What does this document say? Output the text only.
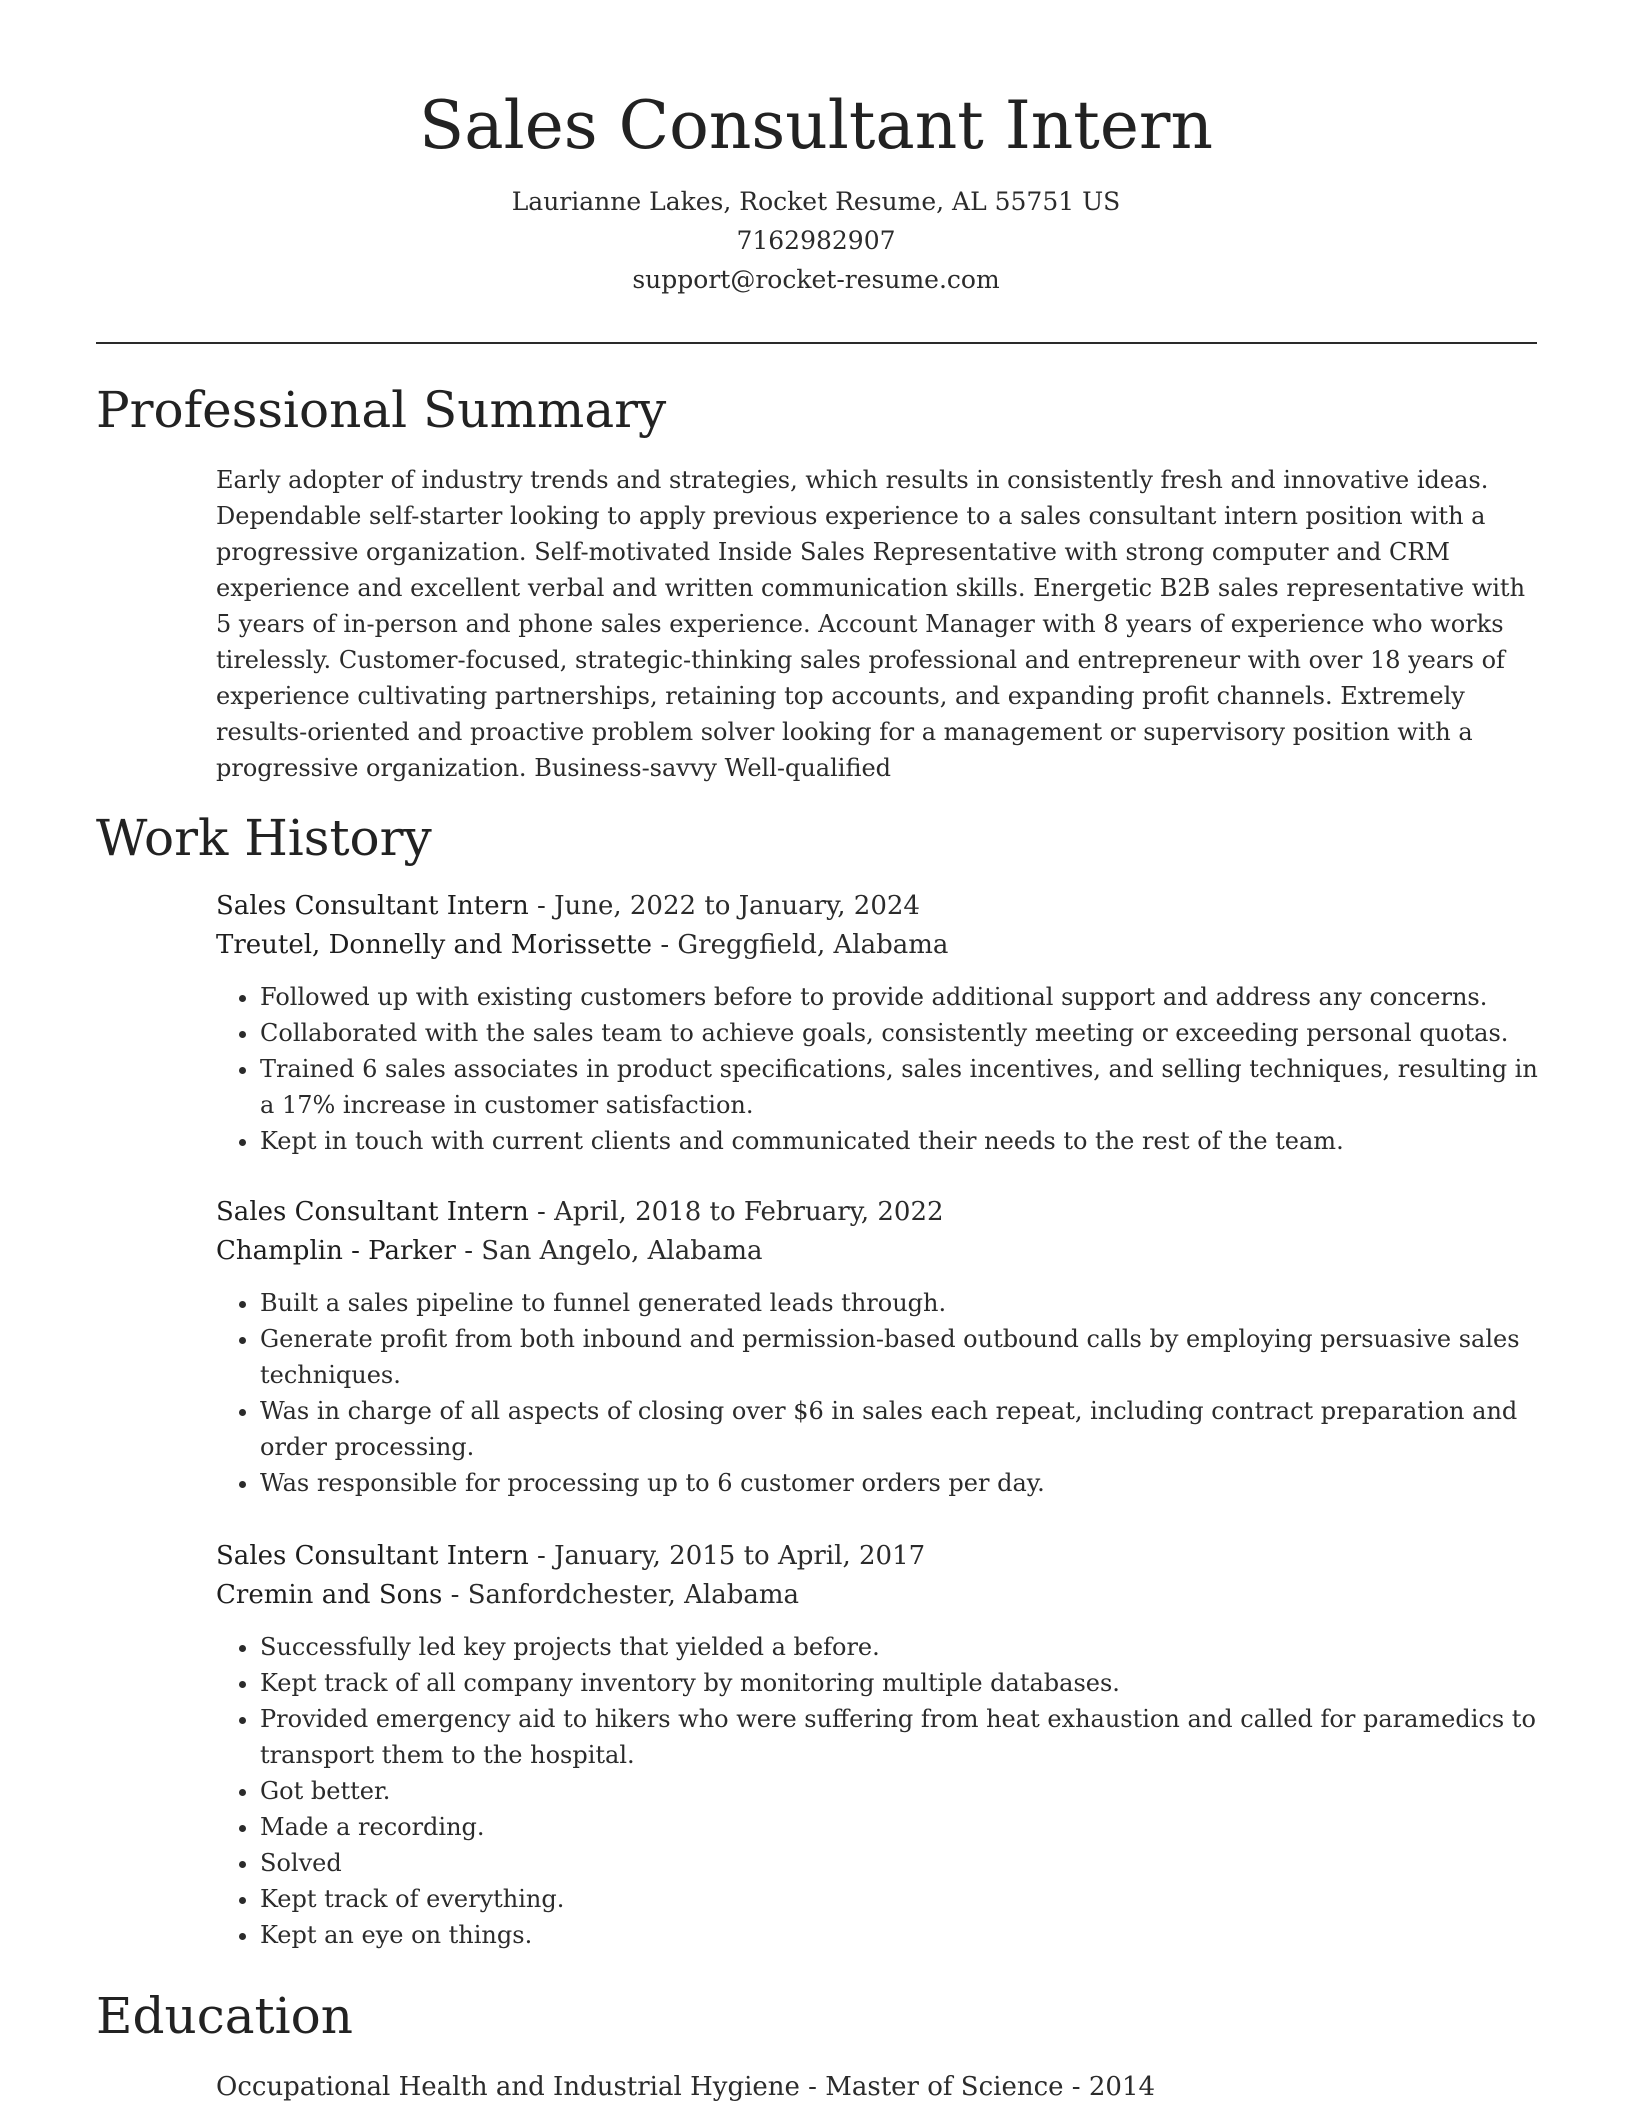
Sales Consultant Intern
Laurianne Lakes, Rocket Resume, AL 55751 US
7162982907
support@rocket-resume.com
Professional Summary

Early adopter of industry trends and strategies, which results in consistently fresh and innovative ideas. Dependable self-starter looking to apply previous experience to a sales consultant intern position with a progressive organization. Self-motivated Inside Sales Representative with strong computer and CRM experience and excellent verbal and written communication skills. Energetic B2B sales representative with 5 years of in-person and phone sales experience. Account Manager with 8 years of experience who works tirelessly. Customer-focused, strategic-thinking sales professional and entrepreneur with over 18 years of experience cultivating partnerships, retaining top accounts, and expanding profit channels. Extremely results-oriented and proactive problem solver looking for a management or supervisory position with a progressive organization. Business-savvy Well-qualified

Work History
Sales Consultant Intern - June, 2022 to January, 2024
Treutel, Donnelly and Morissette - Greggfield, Alabama
• Followed up with existing customers before to provide additional support and address any concerns.
• Collaborated with the sales team to achieve goals, consistently meeting or exceeding personal quotas.
• Trained 6 sales associates in product specifications, sales incentives, and selling techniques, resulting in a 17% increase in customer satisfaction.
• Kept in touch with current clients and communicated their needs to the rest of the team.
Sales Consultant Intern - April, 2018 to February, 2022
Champlin - Parker - San Angelo, Alabama
• Built a sales pipeline to funnel generated leads through.
• Generate profit from both inbound and permission-based outbound calls by employing persuasive sales techniques.
• Was in charge of all aspects of closing over $6 in sales each repeat, including contract preparation and order processing.
• Was responsible for processing up to 6 customer orders per day.
Sales Consultant Intern - January, 2015 to April, 2017
Cremin and Sons - Sanfordchester, Alabama
• Successfully led key projects that yielded a before.
• Kept track of all company inventory by monitoring multiple databases.
• Provided emergency aid to hikers who were suffering from heat exhaustion and called for paramedics to transport them to the hospital.
• Got better.
• Made a recording.
• Solved
• Kept track of everything.
• Kept an eye on things.
Education
Occupational Health and Industrial Hygiene - Master of Science - 2014
